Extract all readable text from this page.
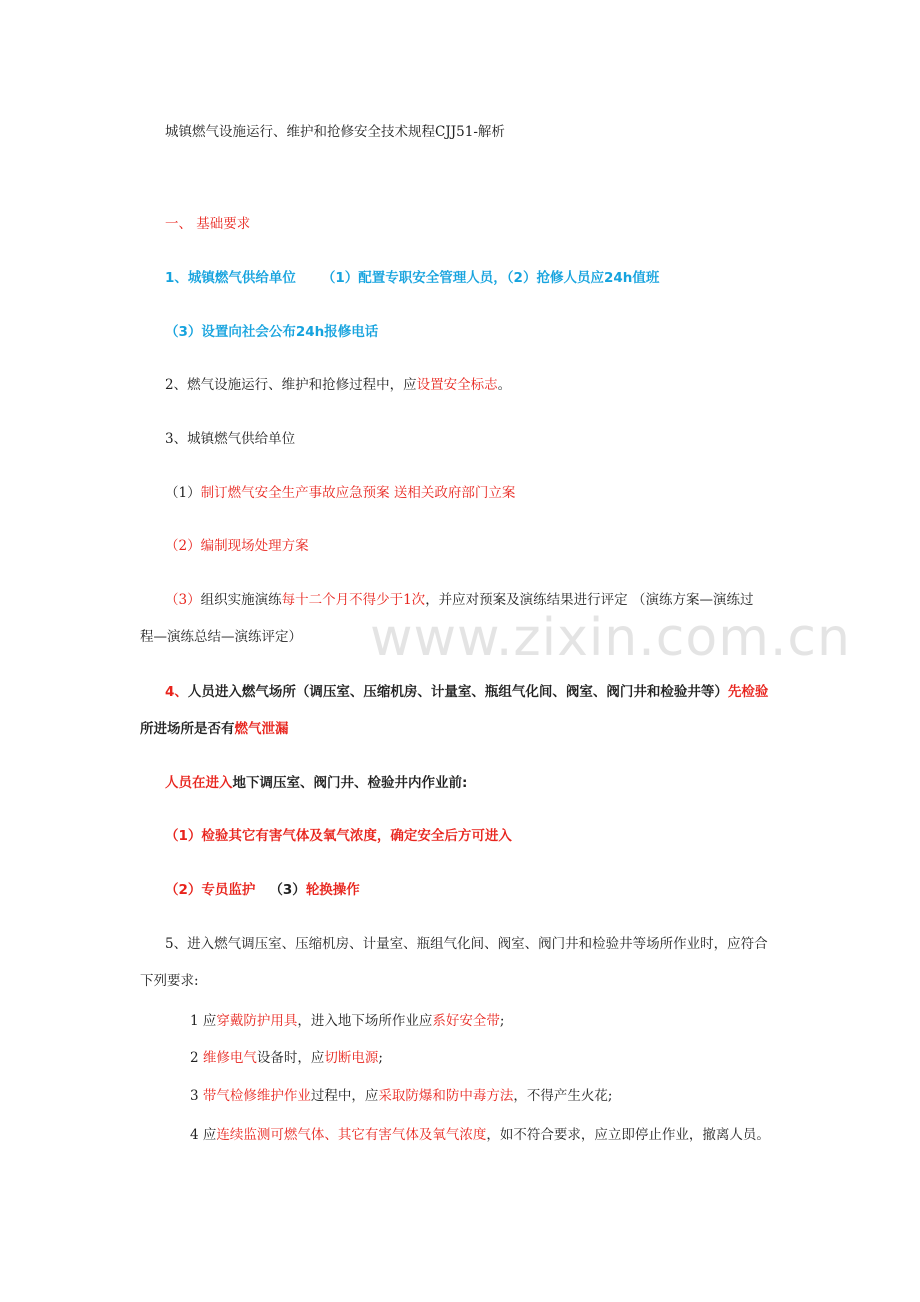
www.zixin.com.cn
城镇燃气设施运行、维护和抢修安全技术规程CJJ51-解析
一、 基础要求
1、城镇燃气供给单位 （1）配置专职安全管理人员，（2）抢修人员应24h值班
（3）设置向社会公布24h报修电话
2、燃气设施运行、维护和抢修过程中，应设置安全标志。
3、城镇燃气供给单位
（1）制订燃气安全生产事故应急预案 送相关政府部门立案
（2）编制现场处理方案
（3）组织实施演练每十二个月不得少于1次，并应对预案及演练结果进行评定 （演练方案—演练过
程—演练总结—演练评定）
4、人员进入燃气场所（调压室、压缩机房、计量室、瓶组气化间、阀室、阀门井和检验井等）先检验
所进场所是否有燃气泄漏
人员在进入地下调压室、阀门井、检验井内作业前:
（1）检验其它有害气体及氧气浓度，确定安全后方可进入
（2）专员监护 （3）轮换操作
5、进入燃气调压室、压缩机房、计量室、瓶组气化间、阀室、阀门井和检验井等场所作业时，应符合
下列要求:
1 应穿戴防护用具，进入地下场所作业应系好安全带;
2 维修电气设备时，应切断电源;
3 带气检修维护作业过程中，应采取防爆和防中毒方法，不得产生火花;
4 应连续监测可燃气体、其它有害气体及氧气浓度，如不符合要求，应立即停止作业，撤离人员。
